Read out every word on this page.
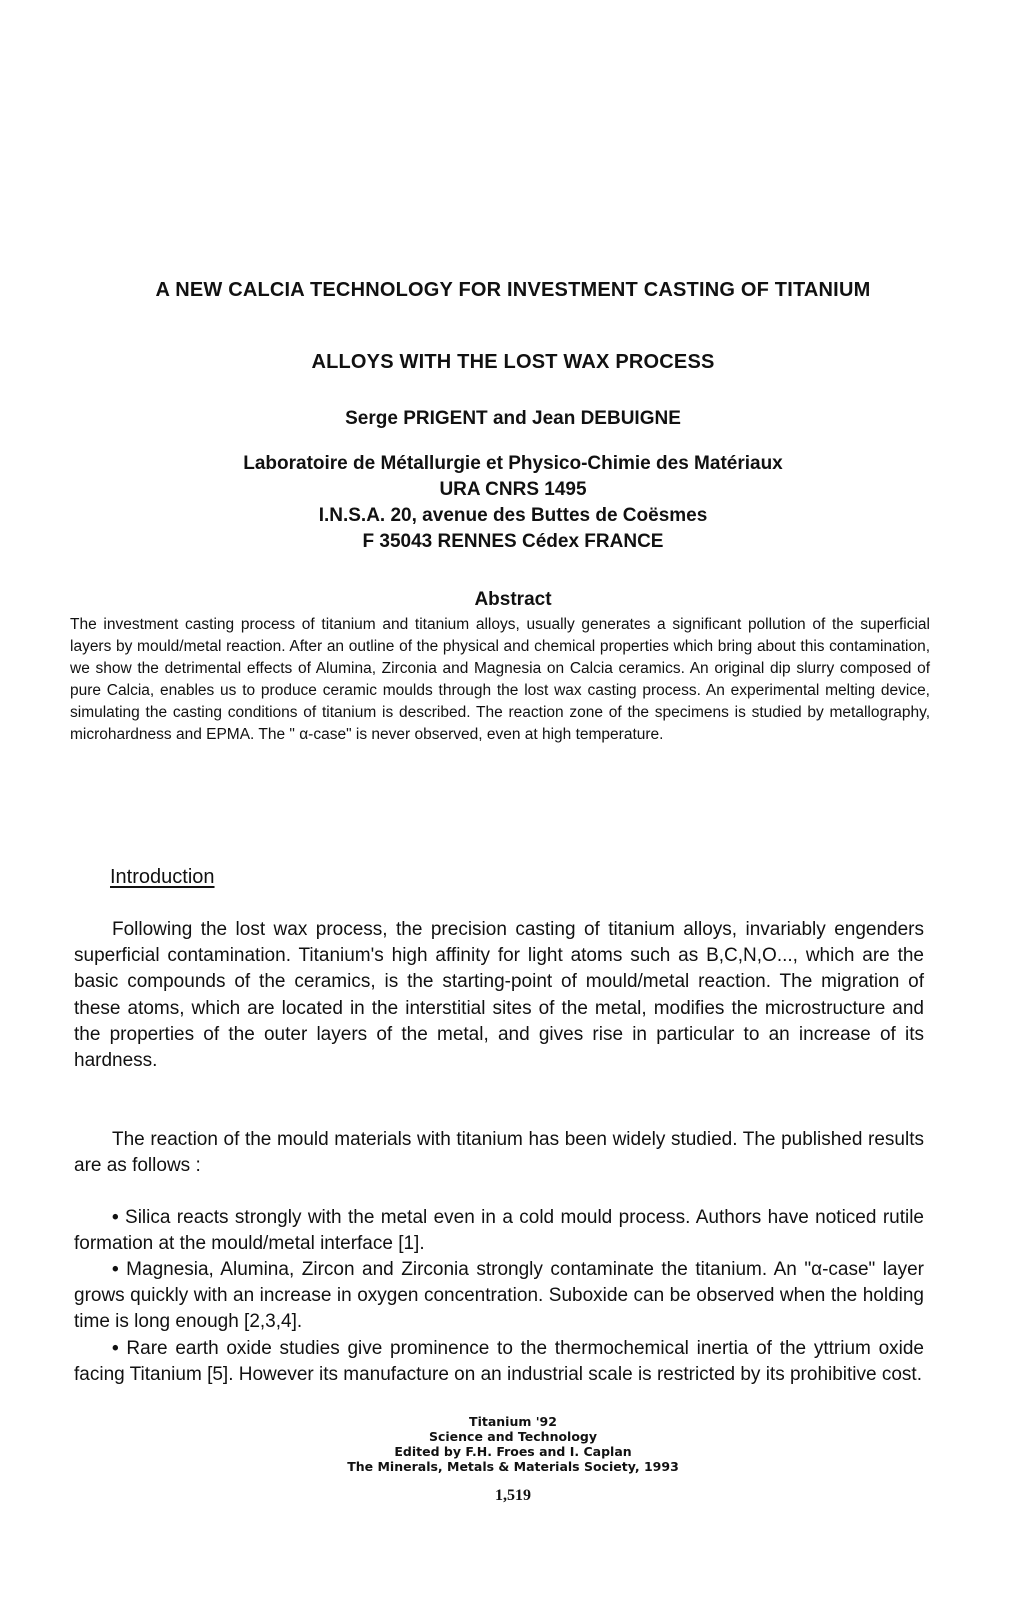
A NEW CALCIA TECHNOLOGY FOR INVESTMENT CASTING OF TITANIUM
ALLOYS WITH THE LOST WAX PROCESS
Serge PRIGENT and Jean DEBUIGNE
Laboratoire de Métallurgie et Physico-Chimie des Matériaux
URA CNRS 1495
I.N.S.A. 20, avenue des Buttes de Coësmes
F 35043 RENNES Cédex FRANCE
Abstract
The investment casting process of titanium and titanium alloys, usually generates a significant pollution of the superficial layers by mould/metal reaction. After an outline of the physical and chemical properties which bring about this contamination, we show the detrimental effects of Alumina, Zirconia and Magnesia on Calcia ceramics. An original dip slurry composed of pure Calcia, enables us to produce ceramic moulds through the lost wax casting process. An experimental melting device, simulating the casting conditions of titanium is described. The reaction zone of the specimens is studied by metallography, microhardness and EPMA. The " α-case" is never observed, even at high temperature.
Introduction
Following the lost wax process, the precision casting of titanium alloys, invariably engenders superficial contamination. Titanium's high affinity for light atoms such as B,C,N,O..., which are the basic compounds of the ceramics, is the starting-point of mould/metal reaction. The migration of these atoms, which are located in the interstitial sites of the metal, modifies the microstructure and the properties of the outer layers of the metal, and gives rise in particular to an increase of its hardness.
The reaction of the mould materials with titanium has been widely studied. The published results are as follows :
• Silica reacts strongly with the metal even in a cold mould process. Authors have noticed rutile formation at the mould/metal interface [1].
• Magnesia, Alumina, Zircon and Zirconia strongly contaminate the titanium. An "α-case" layer grows quickly with an increase in oxygen concentration. Suboxide can be observed when the holding time is long enough [2,3,4].
• Rare earth oxide studies give prominence to the thermochemical inertia of the yttrium oxide facing Titanium [5]. However its manufacture on an industrial scale is restricted by its prohibitive cost.
Titanium '92
Science and Technology
Edited by F.H. Froes and I. Caplan
The Minerals, Metals & Materials Society, 1993
1,519
